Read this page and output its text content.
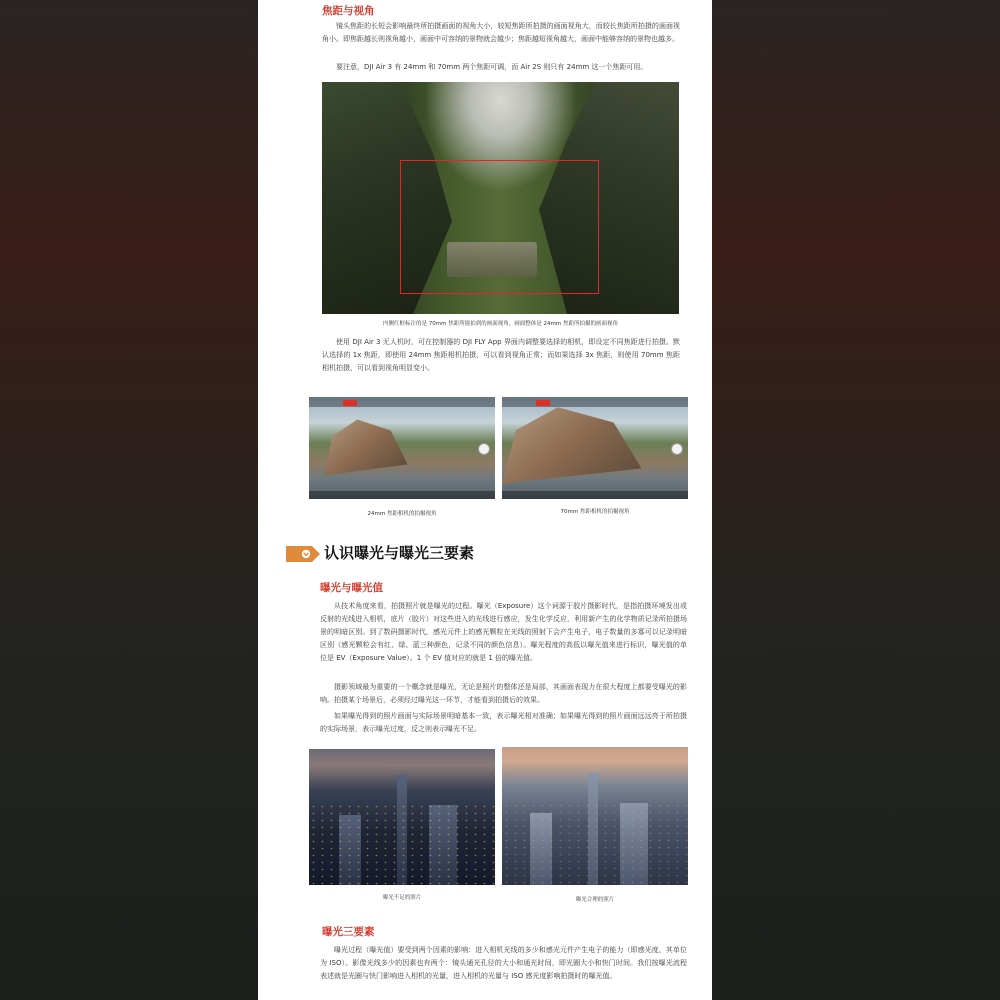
焦距与视角

镜头焦距的长短会影响最终所拍摄画面的视角大小，较短焦距所拍摄的画面视角大，而较长焦距所拍摄的画面视角小。即焦距越长则视角越小，画面中可容纳的景物就会越少；焦距越短视角越大，画面中能够容纳的景物也越多。

要注意，DJI Air 3 有 24mm 和 70mm 两个焦距可调，而 Air 2S 则只有 24mm 这一个焦距可用。

内侧红框标注的是 70mm 焦距所能拍到的画面视角，画面整体是 24mm 焦距所拍摄的画面视角

使用 DJI Air 3 无人机时，可在控制器的 DJI FLY App 界面内调整要选择的相机，即设定不同焦距进行拍摄。默认选择的 1x 焦距，即使用 24mm 焦距相机拍摄，可以看到视角正常；而如果选择 3x 焦距，则使用 70mm 焦距相机拍摄，可以看到视角明显变小。

24mm 焦距相机的拍摄视角	70mm 焦距相机的拍摄视角
认识曝光与曝光三要素
曝光与曝光值

从技术角度来看，拍摄照片就是曝光的过程。曝光（Exposure）这个词源于胶片摄影时代，是指拍摄环境发出或反射的光线进入相机，底片（胶片）对这些进入的光线进行感应，发生化学反应，利用新产生的化学物质记录所拍摄场景的明暗区别。到了数码摄影时代，感光元件上的感光颗粒在光线的照射下会产生电子，电子数量的多寡可以记录明暗区别（感光颗粒会有红、绿、蓝三种颜色，记录不同的颜色信息）。曝光程度的高低以曝光值来进行标识，曝光值的单位是 EV（Exposure Value）。1 个 EV 值对应的就是 1 倍的曝光值。

摄影领域最为重要的一个概念就是曝光，无论是照片的整体还是局部，其画面表现力在很大程度上都要受曝光的影响。拍摄某个场景后，必须经过曝光这一环节，才能看到拍摄后的效果。

如果曝光得到的照片画面与实际场景明暗基本一致，表示曝光相对准确；如果曝光得到的照片画面远远亮于所拍摄的实际场景，表示曝光过度，反之则表示曝光不足。

曝光不足的照片	曝光合理的照片
曝光三要素

曝光过程（曝光值）要受到两个因素的影响：进入相机光线的多少和感光元件产生电子的能力（即感光度，其单位为 ISO）。影像光线多少的因素也有两个：镜头通光孔径的大小和通光时间，即光圈大小和快门时间。我们按曝光流程表述就是光圈与快门影响进入相机的光量，进入相机的光量与 ISO 感光度影响拍摄时的曝光值。
